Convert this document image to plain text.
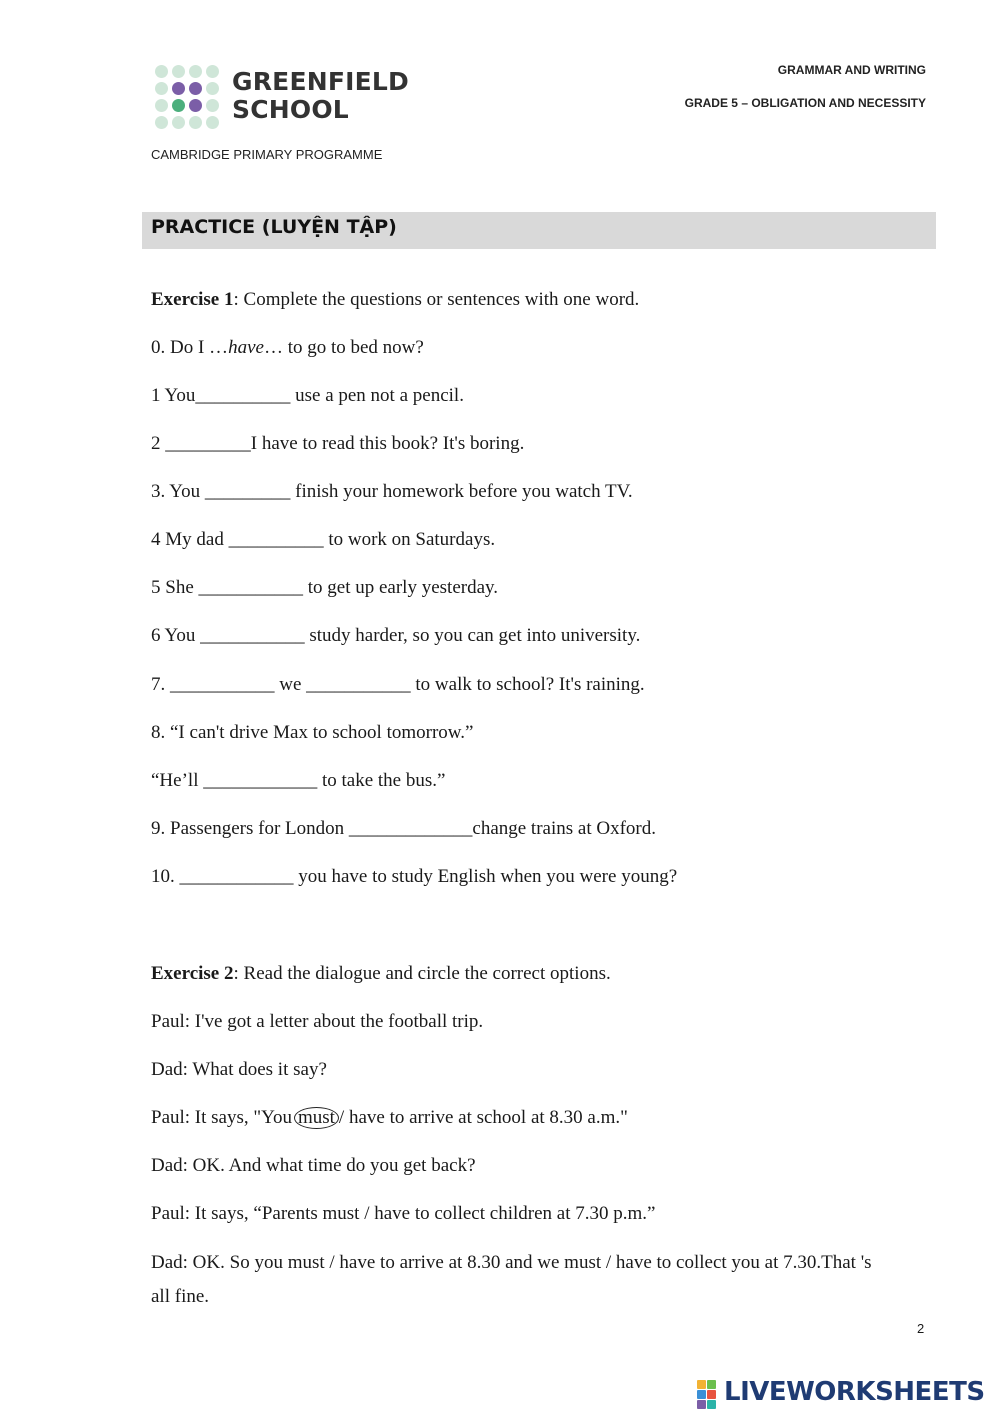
GREENFIELD
SCHOOL
CAMBRIDGE PRIMARY PROGRAMME
GRAMMAR AND WRITING
GRADE 5 – OBLIGATION AND NECESSITY
PRACTICE (LUYỆN TẬP)
Exercise 1: Complete the questions or sentences with one word.
0. Do I …have… to go to bed now?
1 You__________ use a pen not a pencil.
2 _________I have to read this book? It's boring.
3. You _________ finish your homework before you watch TV.
4 My dad __________ to work on Saturdays.
5 She ___________ to get up early yesterday.
6 You ___________ study harder, so you can get into university.
7. ___________ we ___________ to walk to school? It's raining.
8. “I can't drive Max to school tomorrow.”
“He’ll ____________ to take the bus.”
9. Passengers for London _____________change trains at Oxford.
10. ____________ you have to study English when you were young?
Exercise 2: Read the dialogue and circle the correct options.
Paul: I've got a letter about the football trip.
Dad: What does it say?
Paul: It says, "You must / have to arrive at school at 8.30 a.m."
Dad: OK. And what time do you get back?
Paul: It says, “Parents must / have to collect children at 7.30 p.m.”
Dad: OK. So you must / have to arrive at 8.30 and we must / have to collect you at 7.30.That 's
all fine.
2
LIVEWORKSHEETS
